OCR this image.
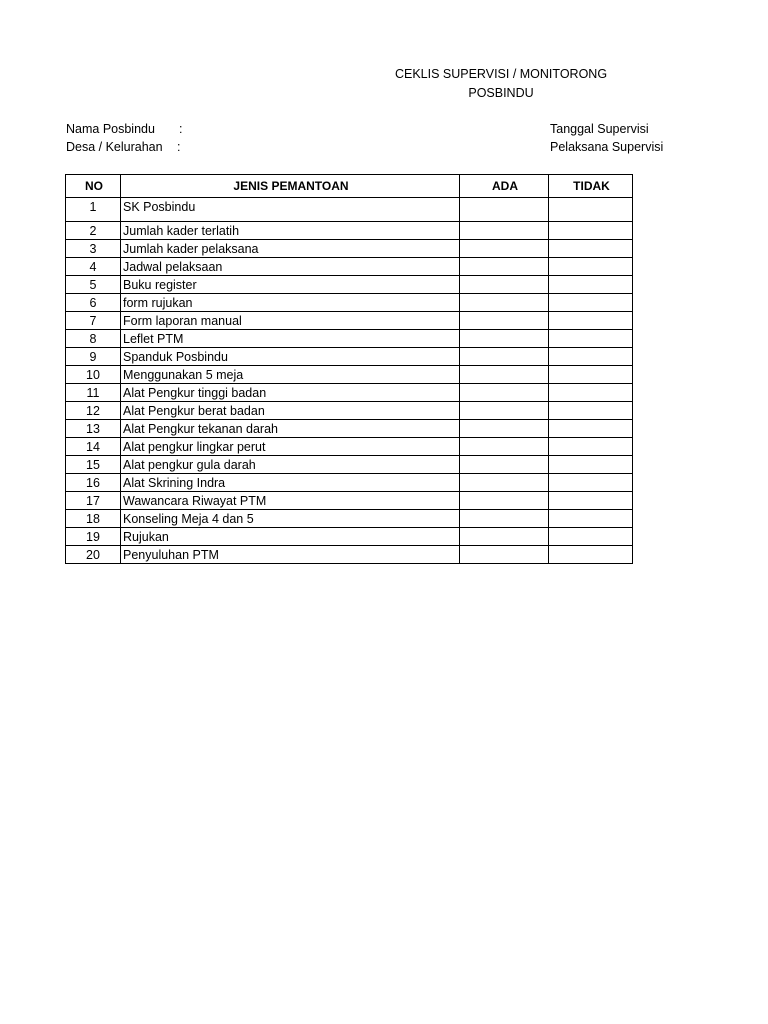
CEKLIS SUPERVISI / MONITORONG
POSBINDU
Nama Posbindu :
Desa / Kelurahan :
Tanggal Supervisi
Pelaksana Supervisi
NO	JENIS PEMANTOAN	ADA	TIDAK
1	SK Posbindu		
2	Jumlah kader terlatih		
3	Jumlah kader pelaksana		
4	Jadwal pelaksaan		
5	Buku register		
6	form rujukan		
7	Form laporan manual		
8	Leflet PTM		
9	Spanduk Posbindu		
10	Menggunakan 5 meja		
11	Alat Pengkur tinggi badan		
12	Alat Pengkur berat badan		
13	Alat Pengkur tekanan darah		
14	Alat pengkur lingkar perut		
15	Alat pengkur gula darah		
16	Alat Skrining Indra		
17	Wawancara Riwayat PTM		
18	Konseling Meja 4 dan 5		
19	Rujukan		
20	Penyuluhan PTM		
